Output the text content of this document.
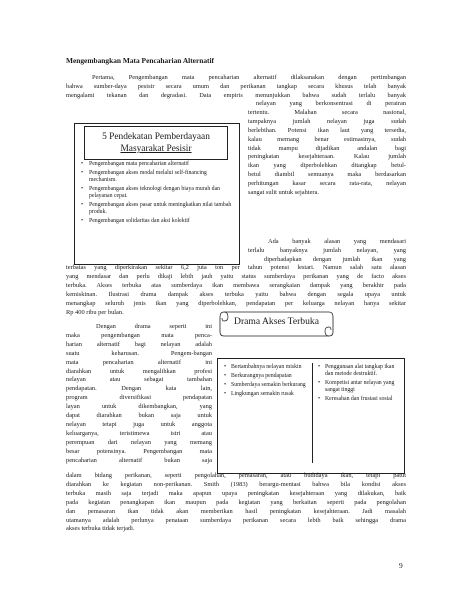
Mengembangkan Mata Pencaharian Alternatif
Pertama, Pengembangan mata pencaharian alternatif dilaksanakan dengan pertimbangan
bahwa sumber-daya pesisir secara umum dan perikanan tangkap secara khusus telah banyak
mengalami tekanan dan degradasi. Data empiris menunjukkan bahwa sudah terlalu banyak
nelayan yang berkonsentrasi di perairan
tertentu. Malahan secara nasional,
tampaknya jumlah nelayan juga sudah
berlebihan. Potensi ikan laut yang tersedia,
kalau memang benar estimasinya, sudah
tidak mampu dijadikan andalan bagi
peningkatan kesejahteraan. Kalau jumlah
ikan yang diperbolehkan ditangkap betul-
betul diambil semuanya maka berdasarkan
perhitungan kasar secara rata-rata, nelayan
sangat sulit untuk sejahtera.
5 Pendekatan Pemberdayaan
Masyarakat Pesisir
• Pengembangan mata pencaharian alternatif
• Pengembangan akses modal melalui self-financing mechanism.
• Pengembangan akses teknologi dengan biaya murah dan pelayanan cepat.
• Pengembangan akses pasar untuk meningkatkan nilai tambah produk.
• Pengembangan solidaritas dan aksi kolektif
Ada banyak alasan yang mendasari
terlalu banyaknya jumlah nelayan, yang
diperhadapkan dengan jumlah ikan yang
terbatas yang diperkirakan sekitar 6,2 juta ton per tahun potensi lestari. Namun salah satu alasan
yang mendasar dan perlu dikaji lebih jauh yaitu status sumberdaya perikanan yang de facto akses
terbuka. Akses terbuka atas sumberdaya ikan membawa serangkaian dampak yang berakhir pada
kemiskinan. Ilustrasi drama dampak akses terbuka yaitu bahwa dengan segala upaya untuk
menangkap seluruh jenis ikan yang diperbolehkan, pendapatan per keluarga nelayan hanya sekitar
Rp 400 ribu per bulan.
Dengan drama seperti ini
maka pengembangan mata penca-
harian alternatif bagi nelayan adalah
suatu keharusan. Pengem-bangan
mata pencaharian alternatif ini
diarahkan untuk mengalihkan profesi
nelayan atau sebagai tambahan
pendapatan. Dengan kata lain,
program diversifikasi pendapatan
layan untuk dikembangkan, yang
dapat diarahkan bukan saja untuk
nelayan tetapi juga untuk anggota
keluarganya, teristimewa istri atau
perempuan dari nelayan yang memang
besar potensinya. Pengembangan mata
pencaharian alternatif bukan saja
Drama Akses Terbuka
• Bertambahnya nelayan miskin
• Berkurangnya pendapatan
• Sumberdaya semakin berkurang
• Lingkungan semakin rusak
• Penggunaan alat tangkap ikan dan metode destruktif.
• Kompetisi antar nelayan yang sangat tinggi
• Keresahan dan frustasi sosial
dalam bidang perikanan, seperti pengolahan, pemasaran, atau budidaya ikan, tetapi patut
diarahkan ke kegiatan non-perikanan. Smith (1983) berargu-mentasi bahwa bila kondisi akses
terbuka masih saja terjadi maka apapun upaya peningkatan kesejahteraan yang dilakukan, baik
pada kegiatan penangkapan ikan maupun pada kegiatan yang berkaitan seperti pada pengolahan
dan pemasaran ikan tidak akan memberikan hasil peningkatan kesejahteraan. Jadi masalah
utamanya adalah perlunya penataan sumberdaya perikanan secara lebih baik sehingga drama
akses terbuka tidak terjadi.
9
